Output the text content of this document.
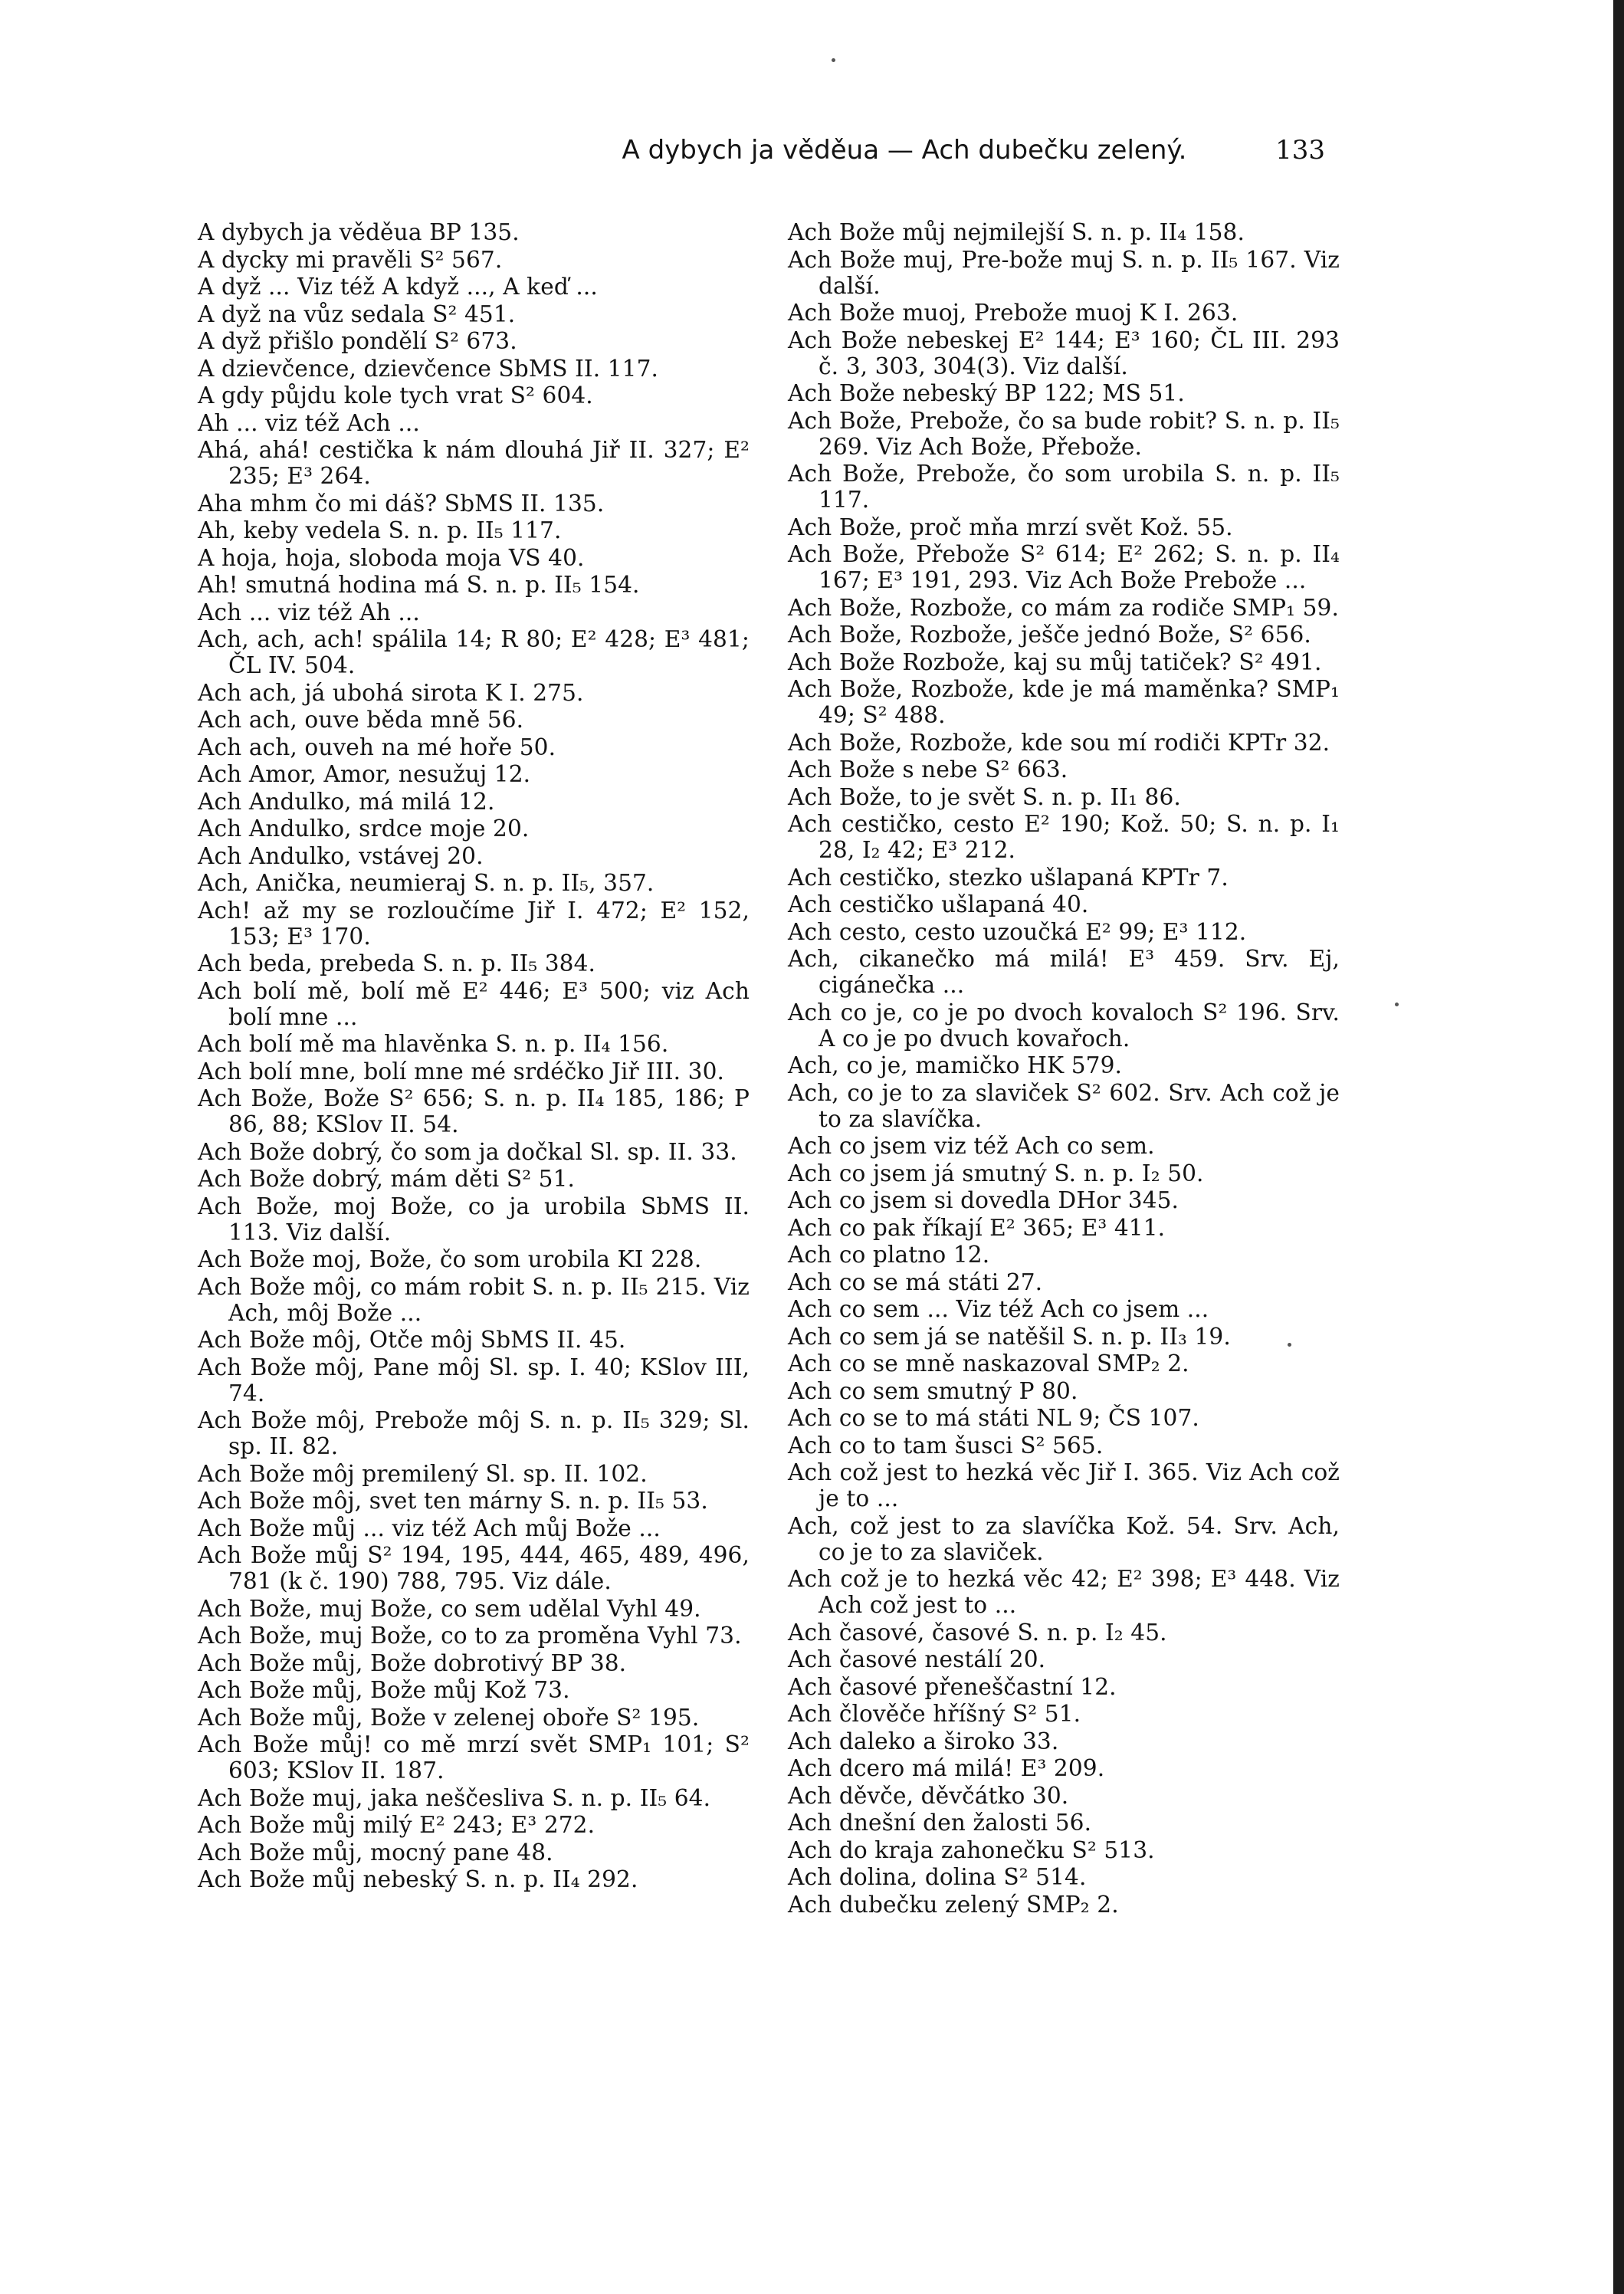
A dybych ja věděua — Ach dubečku zelený.	133
A dybych ja věděua BP 135.
A dycky mi pravěli S² 567.
A dyž ... Viz též A když ..., A keď ...
A dyž na vůz sedala S² 451.
A dyž přišlo pondělí S² 673.
A dzievčence, dzievčence SbMS II. 117.
A gdy půjdu kole tych vrat S² 604.
Ah ... viz též Ach ...
Ahá, ahá! cestička k nám dlouhá Jiř II. 327; E² 235; E³ 264.
Aha mhm čo mi dáš? SbMS II. 135.
Ah, keby vedela S. n. p. II₅ 117.
A hoja, hoja, sloboda moja VS 40.
Ah! smutná hodina má S. n. p. II₅ 154.
Ach ... viz též Ah ...
Ach, ach, ach! spálila 14; R 80; E² 428; E³ 481; ČL IV. 504.
Ach ach, já ubohá sirota K I. 275.
Ach ach, ouve běda mně 56.
Ach ach, ouveh na mé hoře 50.
Ach Amor, Amor, nesužuj 12.
Ach Andulko, má milá 12.
Ach Andulko, srdce moje 20.
Ach Andulko, vstávej 20.
Ach, Anička, neumieraj S. n. p. II₅, 357.
Ach! až my se rozloučíme Jiř I. 472; E² 152, 153; E³ 170.
Ach beda, prebeda S. n. p. II₅ 384.
Ach bolí mě, bolí mě E² 446; E³ 500; viz Ach bolí mne ...
Ach bolí mě ma hlavěnka S. n. p. II₄ 156.
Ach bolí mne, bolí mne mé srdéčko Jiř III. 30.
Ach Bože, Bože S² 656; S. n. p. II₄ 185, 186; P 86, 88; KSlov II. 54.
Ach Bože dobrý, čo som ja dočkal Sl. sp. II. 33.
Ach Bože dobrý, mám děti S² 51.
Ach Bože, moj Bože, co ja urobila SbMS II. 113. Viz další.
Ach Bože moj, Bože, čo som urobila KI 228.
Ach Bože môj, co mám robit S. n. p. II₅ 215. Viz Ach, môj Bože ...
Ach Bože môj, Otče môj SbMS II. 45.
Ach Bože môj, Pane môj Sl. sp. I. 40; KSlov III, 74.
Ach Bože môj, Prebože môj S. n. p. II₅ 329; Sl. sp. II. 82.
Ach Bože môj premilený Sl. sp. II. 102.
Ach Bože môj, svet ten márny S. n. p. II₅ 53.
Ach Bože můj ... viz též Ach můj Bože ...
Ach Bože můj S² 194, 195, 444, 465, 489, 496, 781 (k č. 190) 788, 795. Viz dále.
Ach Bože, muj Bože, co sem udělal Vyhl 49.
Ach Bože, muj Bože, co to za proměna Vyhl 73.
Ach Bože můj, Bože dobrotivý BP 38.
Ach Bože můj, Bože můj Kož 73.
Ach Bože můj, Bože v zelenej oboře S² 195.
Ach Bože můj! co mě mrzí svět SMP₁ 101; S² 603; KSlov II. 187.
Ach Bože muj, jaka neščesliva S. n. p. II₅ 64.
Ach Bože můj milý E² 243; E³ 272.
Ach Bože můj, mocný pane 48.
Ach Bože můj nebeský S. n. p. II₄ 292.
Ach Bože můj nejmilejší S. n. p. II₄ 158.
Ach Bože muj, Pre-bože muj S. n. p. II₅ 167. Viz další.
Ach Bože muoj, Prebože muoj K I. 263.
Ach Bože nebeskej E² 144; E³ 160; ČL III. 293 č. 3, 303, 304(3). Viz další.
Ach Bože nebeský BP 122; MS 51.
Ach Bože, Prebože, čo sa bude robit? S. n. p. II₅ 269. Viz Ach Bože, Přebože.
Ach Bože, Prebože, čo som urobila S. n. p. II₅ 117.
Ach Bože, proč mňa mrzí svět Kož. 55.
Ach Bože, Přebože S² 614; E² 262; S. n. p. II₄ 167; E³ 191, 293. Viz Ach Bože Prebože ...
Ach Bože, Rozbože, co mám za rodiče SMP₁ 59.
Ach Bože, Rozbože, ješče jednó Bože, S² 656.
Ach Bože Rozbože, kaj su můj tatiček? S² 491.
Ach Bože, Rozbože, kde je má maměnka? SMP₁ 49; S² 488.
Ach Bože, Rozbože, kde sou mí rodiči KPTr 32.
Ach Bože s nebe S² 663.
Ach Bože, to je svět S. n. p. II₁ 86.
Ach cestičko, cesto E² 190; Kož. 50; S. n. p. I₁ 28, I₂ 42; E³ 212.
Ach cestičko, stezko ušlapaná KPTr 7.
Ach cestičko ušlapaná 40.
Ach cesto, cesto uzoučká E² 99; E³ 112.
Ach, cikanečko má milá! E³ 459. Srv. Ej, cigánečka ...
Ach co je, co je po dvoch kovaloch S² 196. Srv. A co je po dvuch kovařoch.
Ach, co je, mamičko HK 579.
Ach, co je to za slaviček S² 602. Srv. Ach což je to za slavíčka.
Ach co jsem viz též Ach co sem.
Ach co jsem já smutný S. n. p. I₂ 50.
Ach co jsem si dovedla DHor 345.
Ach co pak říkají E² 365; E³ 411.
Ach co platno 12.
Ach co se má státi 27.
Ach co sem ... Viz též Ach co jsem ...
Ach co sem já se natěšil S. n. p. II₃ 19.
Ach co se mně naskazoval SMP₂ 2.
Ach co sem smutný P 80.
Ach co se to má státi NL 9; ČS 107.
Ach co to tam šusci S² 565.
Ach což jest to hezká věc Jiř I. 365. Viz Ach což je to ...
Ach, což jest to za slavíčka Kož. 54. Srv. Ach, co je to za slaviček.
Ach což je to hezká věc 42; E² 398; E³ 448. Viz Ach což jest to ...
Ach časové, časové S. n. p. I₂ 45.
Ach časové nestálí 20.
Ach časové přeneščastní 12.
Ach člověče hříšný S² 51.
Ach daleko a široko 33.
Ach dcero má milá! E³ 209.
Ach děvče, děvčátko 30.
Ach dnešní den žalosti 56.
Ach do kraja zahonečku S² 513.
Ach dolina, dolina S² 514.
Ach dubečku zelený SMP₂ 2.
